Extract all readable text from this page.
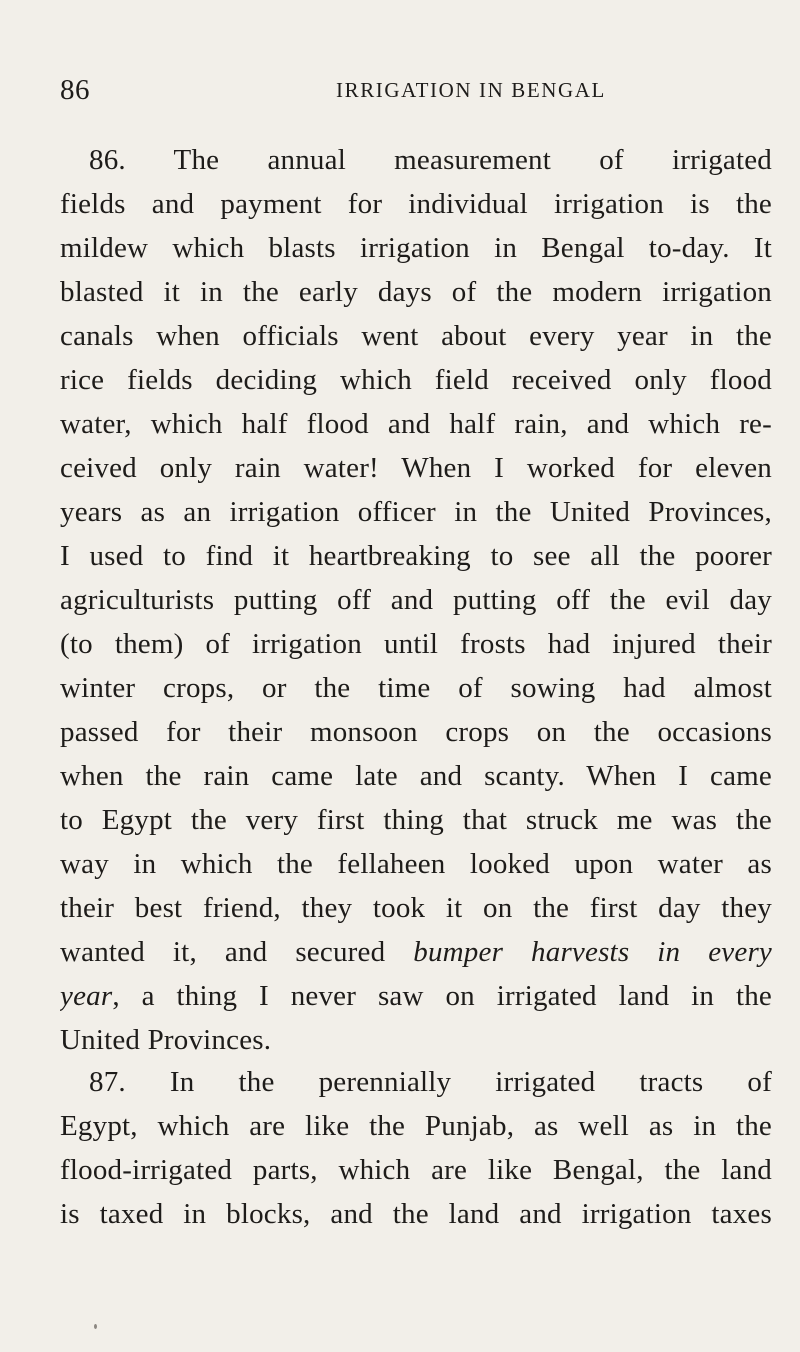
86	IRRIGATION IN BENGAL
86. The annual measurement of irrigated
fields and payment for individual irrigation is the
mildew which blasts irrigation in Bengal to-day. It
blasted it in the early days of the modern irrigation
canals when officials went about every year in the
rice fields deciding which field received only flood
water, which half flood and half rain, and which re-
ceived only rain water! When I worked for eleven
years as an irrigation officer in the United Provinces,
I used to find it heartbreaking to see all the poorer
agriculturists putting off and putting off the evil day
(to them) of irrigation until frosts had injured their
winter crops, or the time of sowing had almost
passed for their monsoon crops on the occasions
when the rain came late and scanty. When I came
to Egypt the very first thing that struck me was the
way in which the fellaheen looked upon water as
their best friend, they took it on the first day they
wanted it, and secured bumper harvests in every
year, a thing I never saw on irrigated land in the
United Provinces.
87. In the perennially irrigated tracts of
Egypt, which are like the Punjab, as well as in the
flood-irrigated parts, which are like Bengal, the land
is taxed in blocks, and the land and irrigation taxes
